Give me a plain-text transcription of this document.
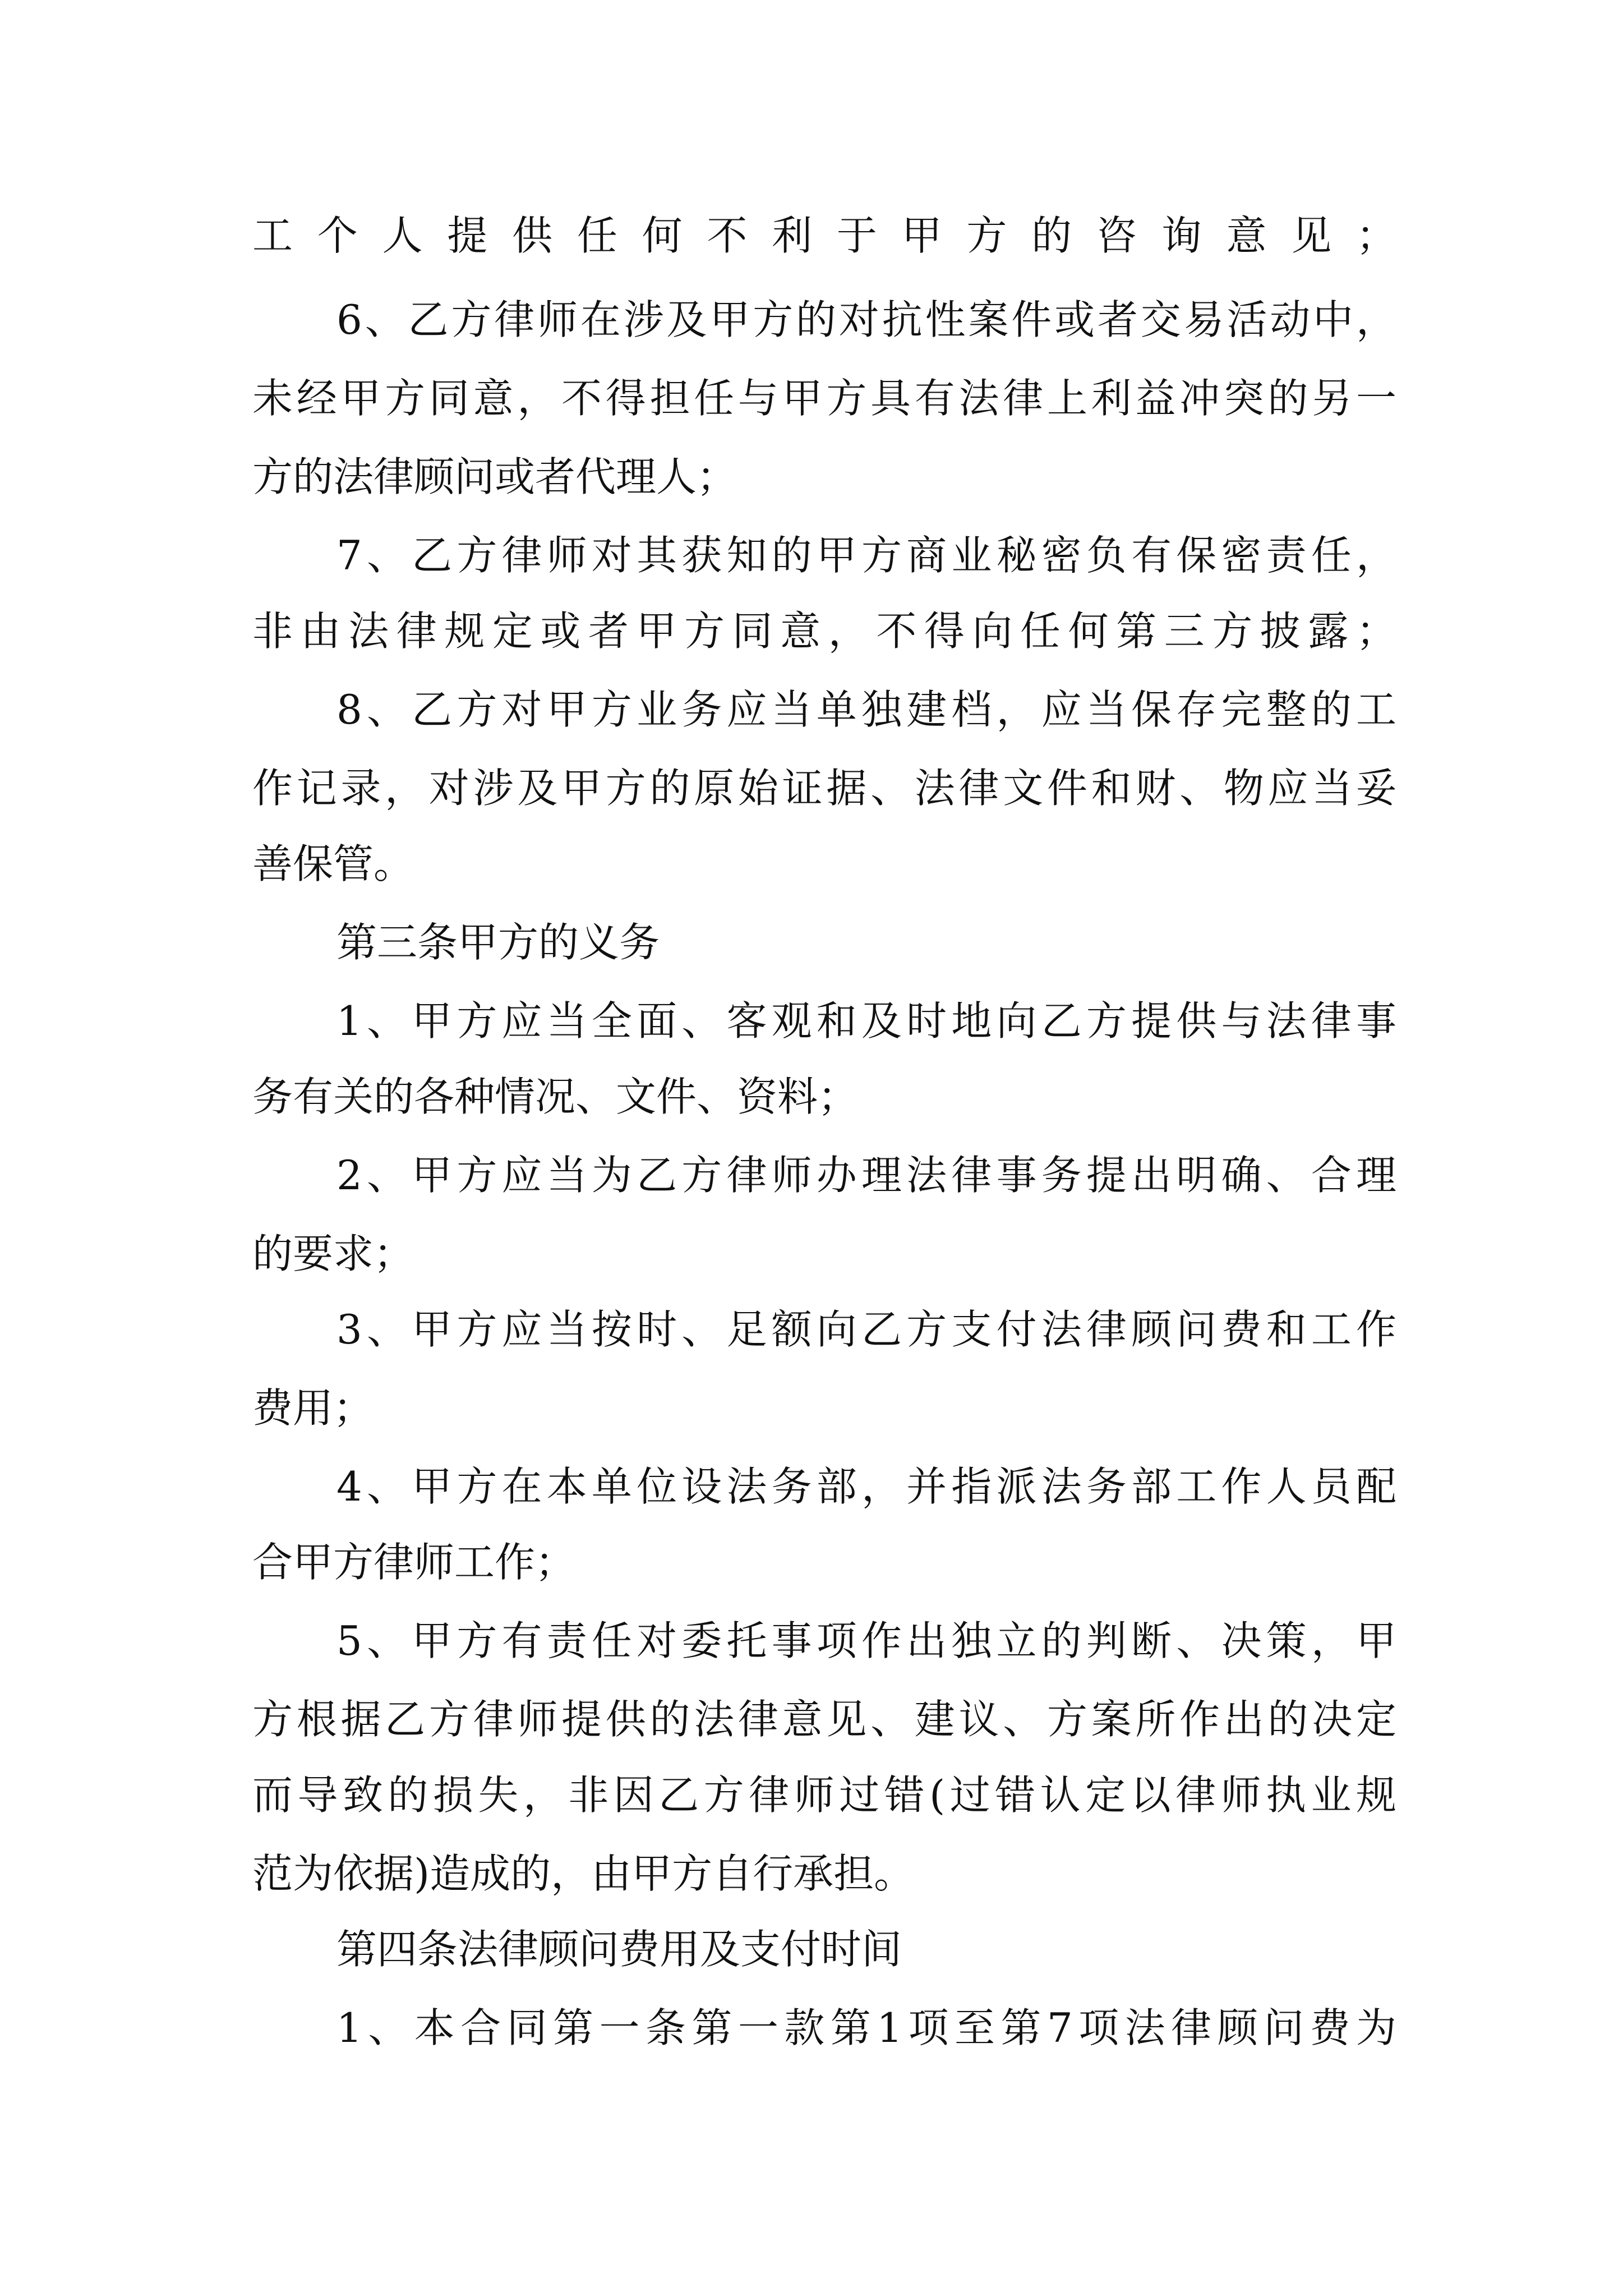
工个人提供任何不利于甲方的咨询意见；
6、乙方律师在涉及甲方的对抗性案件或者交易活动中，
未经甲方同意，不得担任与甲方具有法律上利益冲突的另一
方的法律顾问或者代理人；
7、乙方律师对其获知的甲方商业秘密负有保密责任，
非由法律规定或者甲方同意，不得向任何第三方披露；
8、乙方对甲方业务应当单独建档，应当保存完整的工
作记录，对涉及甲方的原始证据、法律文件和财、物应当妥
善保管。
第三条甲方的义务
1、甲方应当全面、客观和及时地向乙方提供与法律事
务有关的各种情况、文件、资料；
2、甲方应当为乙方律师办理法律事务提出明确、合理
的要求；
3、甲方应当按时、足额向乙方支付法律顾问费和工作
费用；
4、甲方在本单位设法务部，并指派法务部工作人员配
合甲方律师工作；
5、甲方有责任对委托事项作出独立的判断、决策，甲
方根据乙方律师提供的法律意见、建议、方案所作出的决定
而导致的损失，非因乙方律师过错(过错认定以律师执业规
范为依据)造成的，由甲方自行承担。
第四条法律顾问费用及支付时间
1、本合同第一条第一款第1项至第7项法律顾问费为
